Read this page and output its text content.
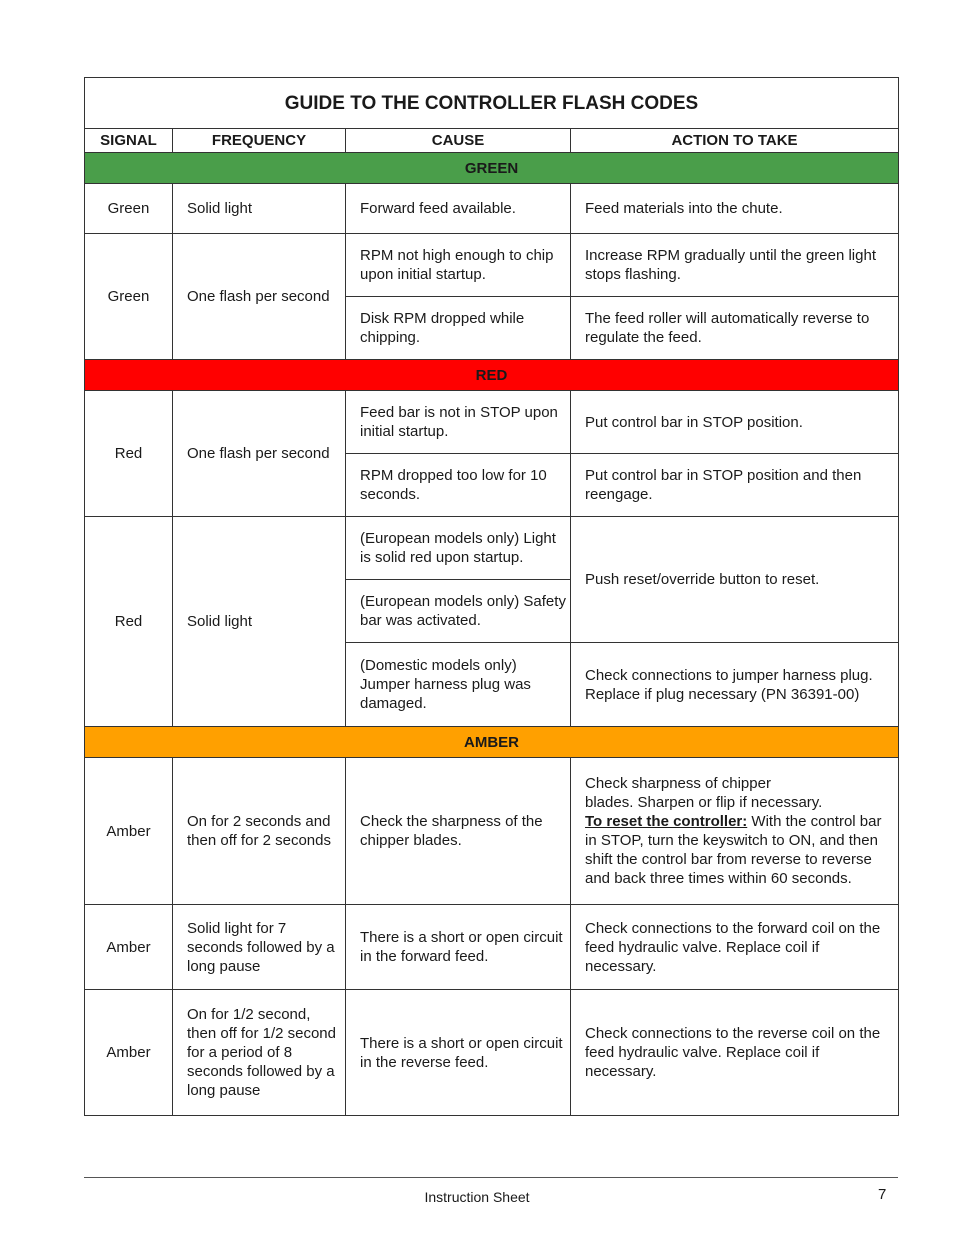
GUIDE TO THE CONTROLLER FLASH CODES			
SIGNAL	FREQUENCY	CAUSE	ACTION TO TAKE
GREEN			
Green	Solid light	Forward feed available.	Feed materials into the chute.
Green	One flash per second	RPM not high enough to chip upon initial startup.	Increase RPM gradually until the green light stops flashing.
		Disk RPM dropped while chipping.	The feed roller will automatically reverse to regulate the feed.
RED			
Red	One flash per second	Feed bar is not in STOP upon initial startup.	Put control bar in STOP position.
		RPM dropped too low for 10 seconds.	Put control bar in STOP position and then reengage.
Red	Solid light	(European models only) Light is solid red upon startup.	Push reset/override button to reset.
		(European models only) Safety bar was activated.	
		(Domestic models only) Jumper harness plug was damaged.	Check connections to jumper harness plug. Replace if plug necessary (PN 36391-00)
AMBER			
Amber	On for 2 seconds and then off for 2 seconds	Check the sharpness of the chipper blades.	Check sharpness of chipper
blades. Sharpen or flip if necessary.
To reset the controller: With the control bar in STOP, turn the keyswitch to ON, and then shift the control bar from reverse to reverse and back three times within 60 seconds.
Amber	Solid light for 7 seconds followed by a long pause	There is a short or open circuit in the forward feed.	Check connections to the forward coil on the feed hydraulic valve. Replace coil if necessary.
Amber	On for 1/2 second, then off for 1/2 second for a period of 8 seconds followed by a long pause	There is a short or open circuit in the reverse feed.	Check connections to the reverse coil on the feed hydraulic valve. Replace coil if necessary.
Instruction Sheet	7
